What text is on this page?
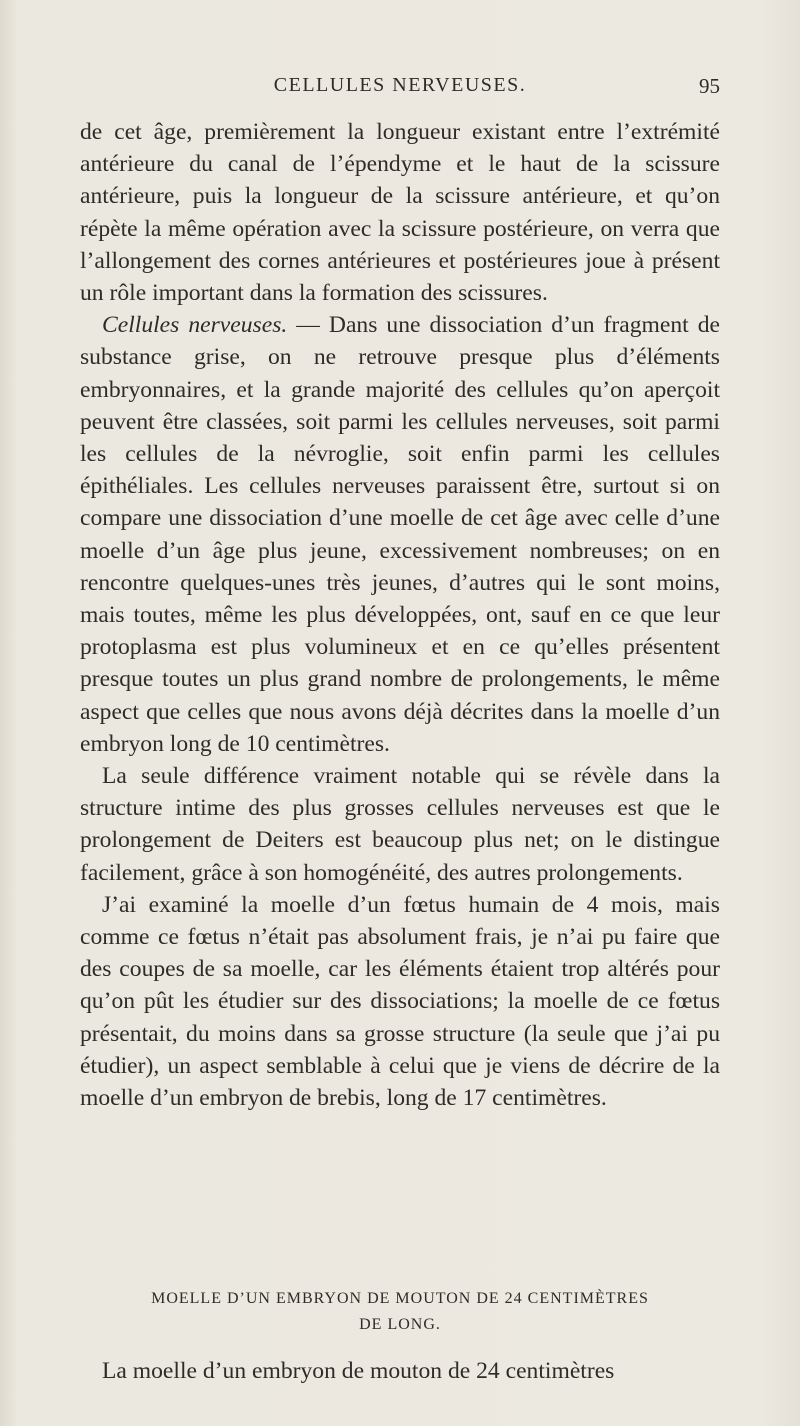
CELLULES NERVEUSES.	95

de cet âge, premièrement la longueur existant entre l’extrémité antérieure du canal de l’épendyme et le haut de la scissure antérieure, puis la longueur de la scissure antérieure, et qu’on répète la même opération avec la scissure postérieure, on verra que l’allongement des cornes antérieures et postérieures joue à présent un rôle important dans la formation des scissures.

Cellules nerveuses. — Dans une dissociation d’un fragment de substance grise, on ne retrouve presque plus d’éléments embryonnaires, et la grande majorité des cellules qu’on aperçoit peuvent être classées, soit parmi les cellules nerveuses, soit parmi les cellules de la névroglie, soit enfin parmi les cellules épithéliales. Les cellules nerveuses paraissent être, surtout si on compare une dissociation d’une moelle de cet âge avec celle d’une moelle d’un âge plus jeune, excessivement nombreuses; on en rencontre quelques-unes très jeunes, d’autres qui le sont moins, mais toutes, même les plus développées, ont, sauf en ce que leur protoplasma est plus volumineux et en ce qu’elles présentent presque toutes un plus grand nombre de prolongements, le même aspect que celles que nous avons déjà décrites dans la moelle d’un embryon long de 10 centimètres.

La seule différence vraiment notable qui se révèle dans la structure intime des plus grosses cellules nerveuses est que le prolongement de Deiters est beaucoup plus net; on le distingue facilement, grâce à son homogénéité, des autres prolongements.

J’ai examiné la moelle d’un fœtus humain de 4 mois, mais comme ce fœtus n’était pas absolument frais, je n’ai pu faire que des coupes de sa moelle, car les éléments étaient trop altérés pour qu’on pût les étudier sur des dissociations; la moelle de ce fœtus présentait, du moins dans sa grosse structure (la seule que j’ai pu étudier), un aspect semblable à celui que je viens de décrire de la moelle d’un embryon de brebis, long de 17 centimètres.

MOELLE D’UN EMBRYON DE MOUTON DE 24 CENTIMÈTRES
DE LONG.
La moelle d’un embryon de mouton de 24 centimètres
